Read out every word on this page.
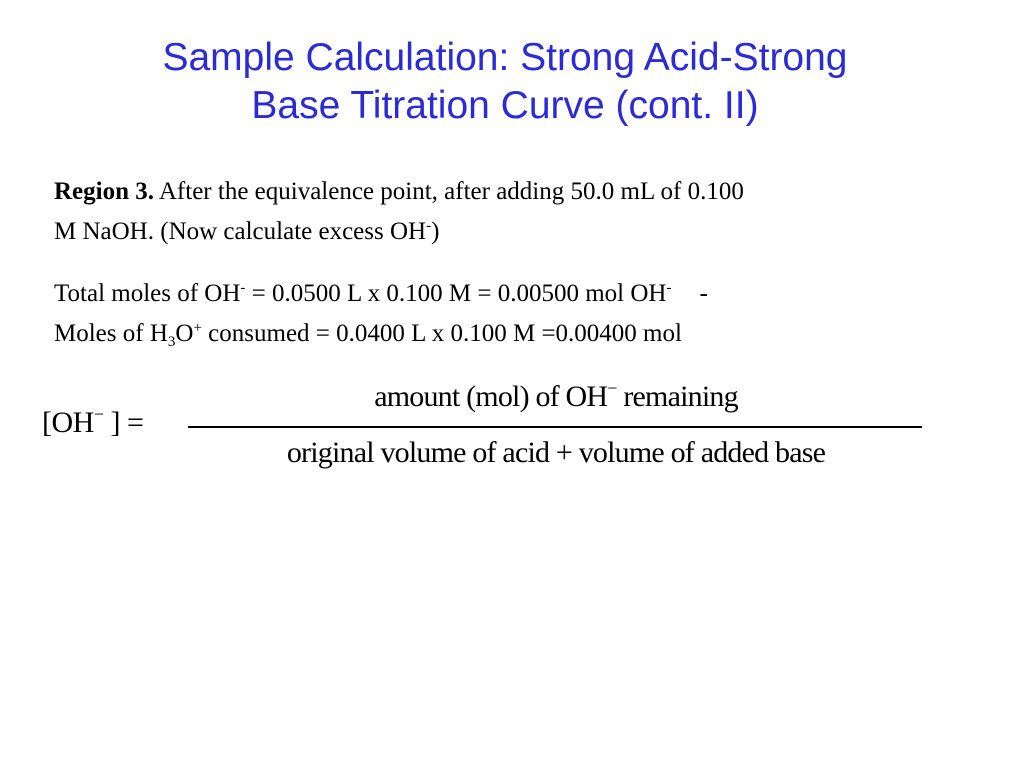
Sample Calculation: Strong Acid-Strong
Base Titration Curve (cont. II)
Region 3. After the equivalence point, after adding 50.0 mL of 0.100
M NaOH. (Now calculate excess OH-)
Total moles of OH- = 0.0500 L x 0.100 M = 0.00500 mol OH- -
Moles of $H_3O^+$ consumed = 0.0400 L x 0.100 M =0.00400 mol
[OH− ] =
amount (mol) of OH− remaining
original volume of acid + volume of added base
